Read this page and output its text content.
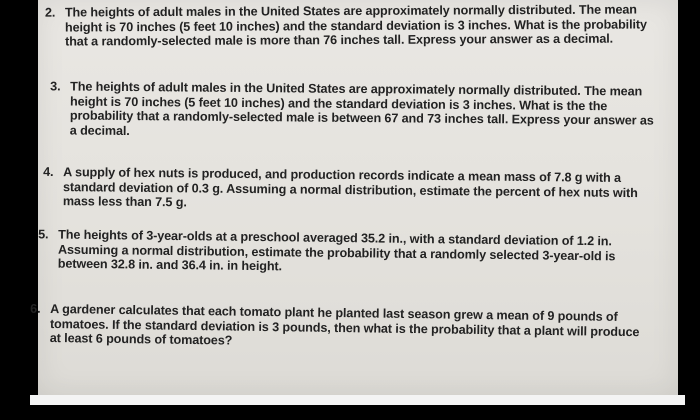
2. The heights of adult males in the United States are approximately normally distributed. The mean height is 70 inches (5 feet 10 inches) and the standard deviation is 3 inches. What is the probability that a randomly-selected male is more than 76 inches tall. Express your answer as a decimal.
3. The heights of adult males in the United States are approximately normally distributed. The mean height is 70 inches (5 feet 10 inches) and the standard deviation is 3 inches. What is the the probability that a randomly-selected male is between 67 and 73 inches tall. Express your answer as a decimal.
4. A supply of hex nuts is produced, and production records indicate a mean mass of 7.8 g with a standard deviation of 0.3 g. Assuming a normal distribution, estimate the percent of hex nuts with mass less than 7.5 g.
5. The heights of 3-year-olds at a preschool averaged 35.2 in., with a standard deviation of 1.2 in. Assuming a normal distribution, estimate the probability that a randomly selected 3-year-old is between 32.8 in. and 36.4 in. in height.
6. A gardener calculates that each tomato plant he planted last season grew a mean of 9 pounds of tomatoes. If the standard deviation is 3 pounds, then what is the probability that a plant will produce at least 6 pounds of tomatoes?
